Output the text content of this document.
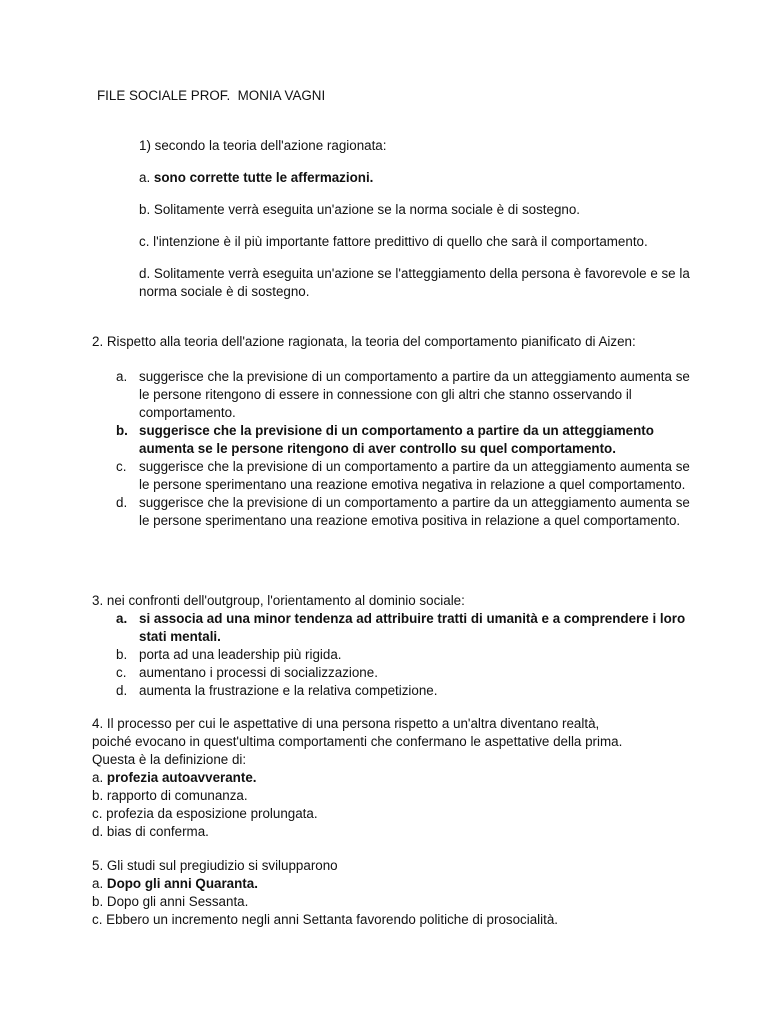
FILE SOCIALE PROF.  MONIA VAGNI

1) secondo la teoria dell'azione ragionata:

a. sono corrette tutte le affermazioni.

b. Solitamente verrà eseguita un'azione se la norma sociale è di sostegno.

c. l'intenzione è il più importante fattore predittivo di quello che sarà il comportamento.

d. Solitamente verrà eseguita un'azione se l'atteggiamento della persona è favorevole e se la norma sociale è di sostegno.

2. Rispetto alla teoria dell'azione ragionata, la teoria del comportamento pianificato di Aizen:
a. suggerisce che la previsione di un comportamento a partire da un atteggiamento aumenta se le persone ritengono di essere in connessione con gli altri che stanno osservando il comportamento.
b. suggerisce che la previsione di un comportamento a partire da un atteggiamento aumenta se le persone ritengono di aver controllo su quel comportamento.
c. suggerisce che la previsione di un comportamento a partire da un atteggiamento aumenta se le persone sperimentano una reazione emotiva negativa in relazione a quel comportamento.
d. suggerisce che la previsione di un comportamento a partire da un atteggiamento aumenta se le persone sperimentano una reazione emotiva positiva in relazione a quel comportamento.
3. nei confronti dell'outgroup, l'orientamento al dominio sociale:
a. si associa ad una minor tendenza ad attribuire tratti di umanità e a comprendere i loro stati mentali.
b. porta ad una leadership più rigida.
c. aumentano i processi di socializzazione.
d. aumenta la frustrazione e la relativa competizione.
4. Il processo per cui le aspettative di una persona rispetto a un'altra diventano realtà,
poiché evocano in quest'ultima comportamenti che confermano le aspettative della prima.
Questa è la definizione di:
a. profezia autoavverante.
b. rapporto di comunanza.
c. profezia da esposizione prolungata.
d. bias di conferma.
5. Gli studi sul pregiudizio si svilupparono
a. Dopo gli anni Quaranta.
b. Dopo gli anni Sessanta.
c. Ebbero un incremento negli anni Settanta favorendo politiche di prosocialità.
